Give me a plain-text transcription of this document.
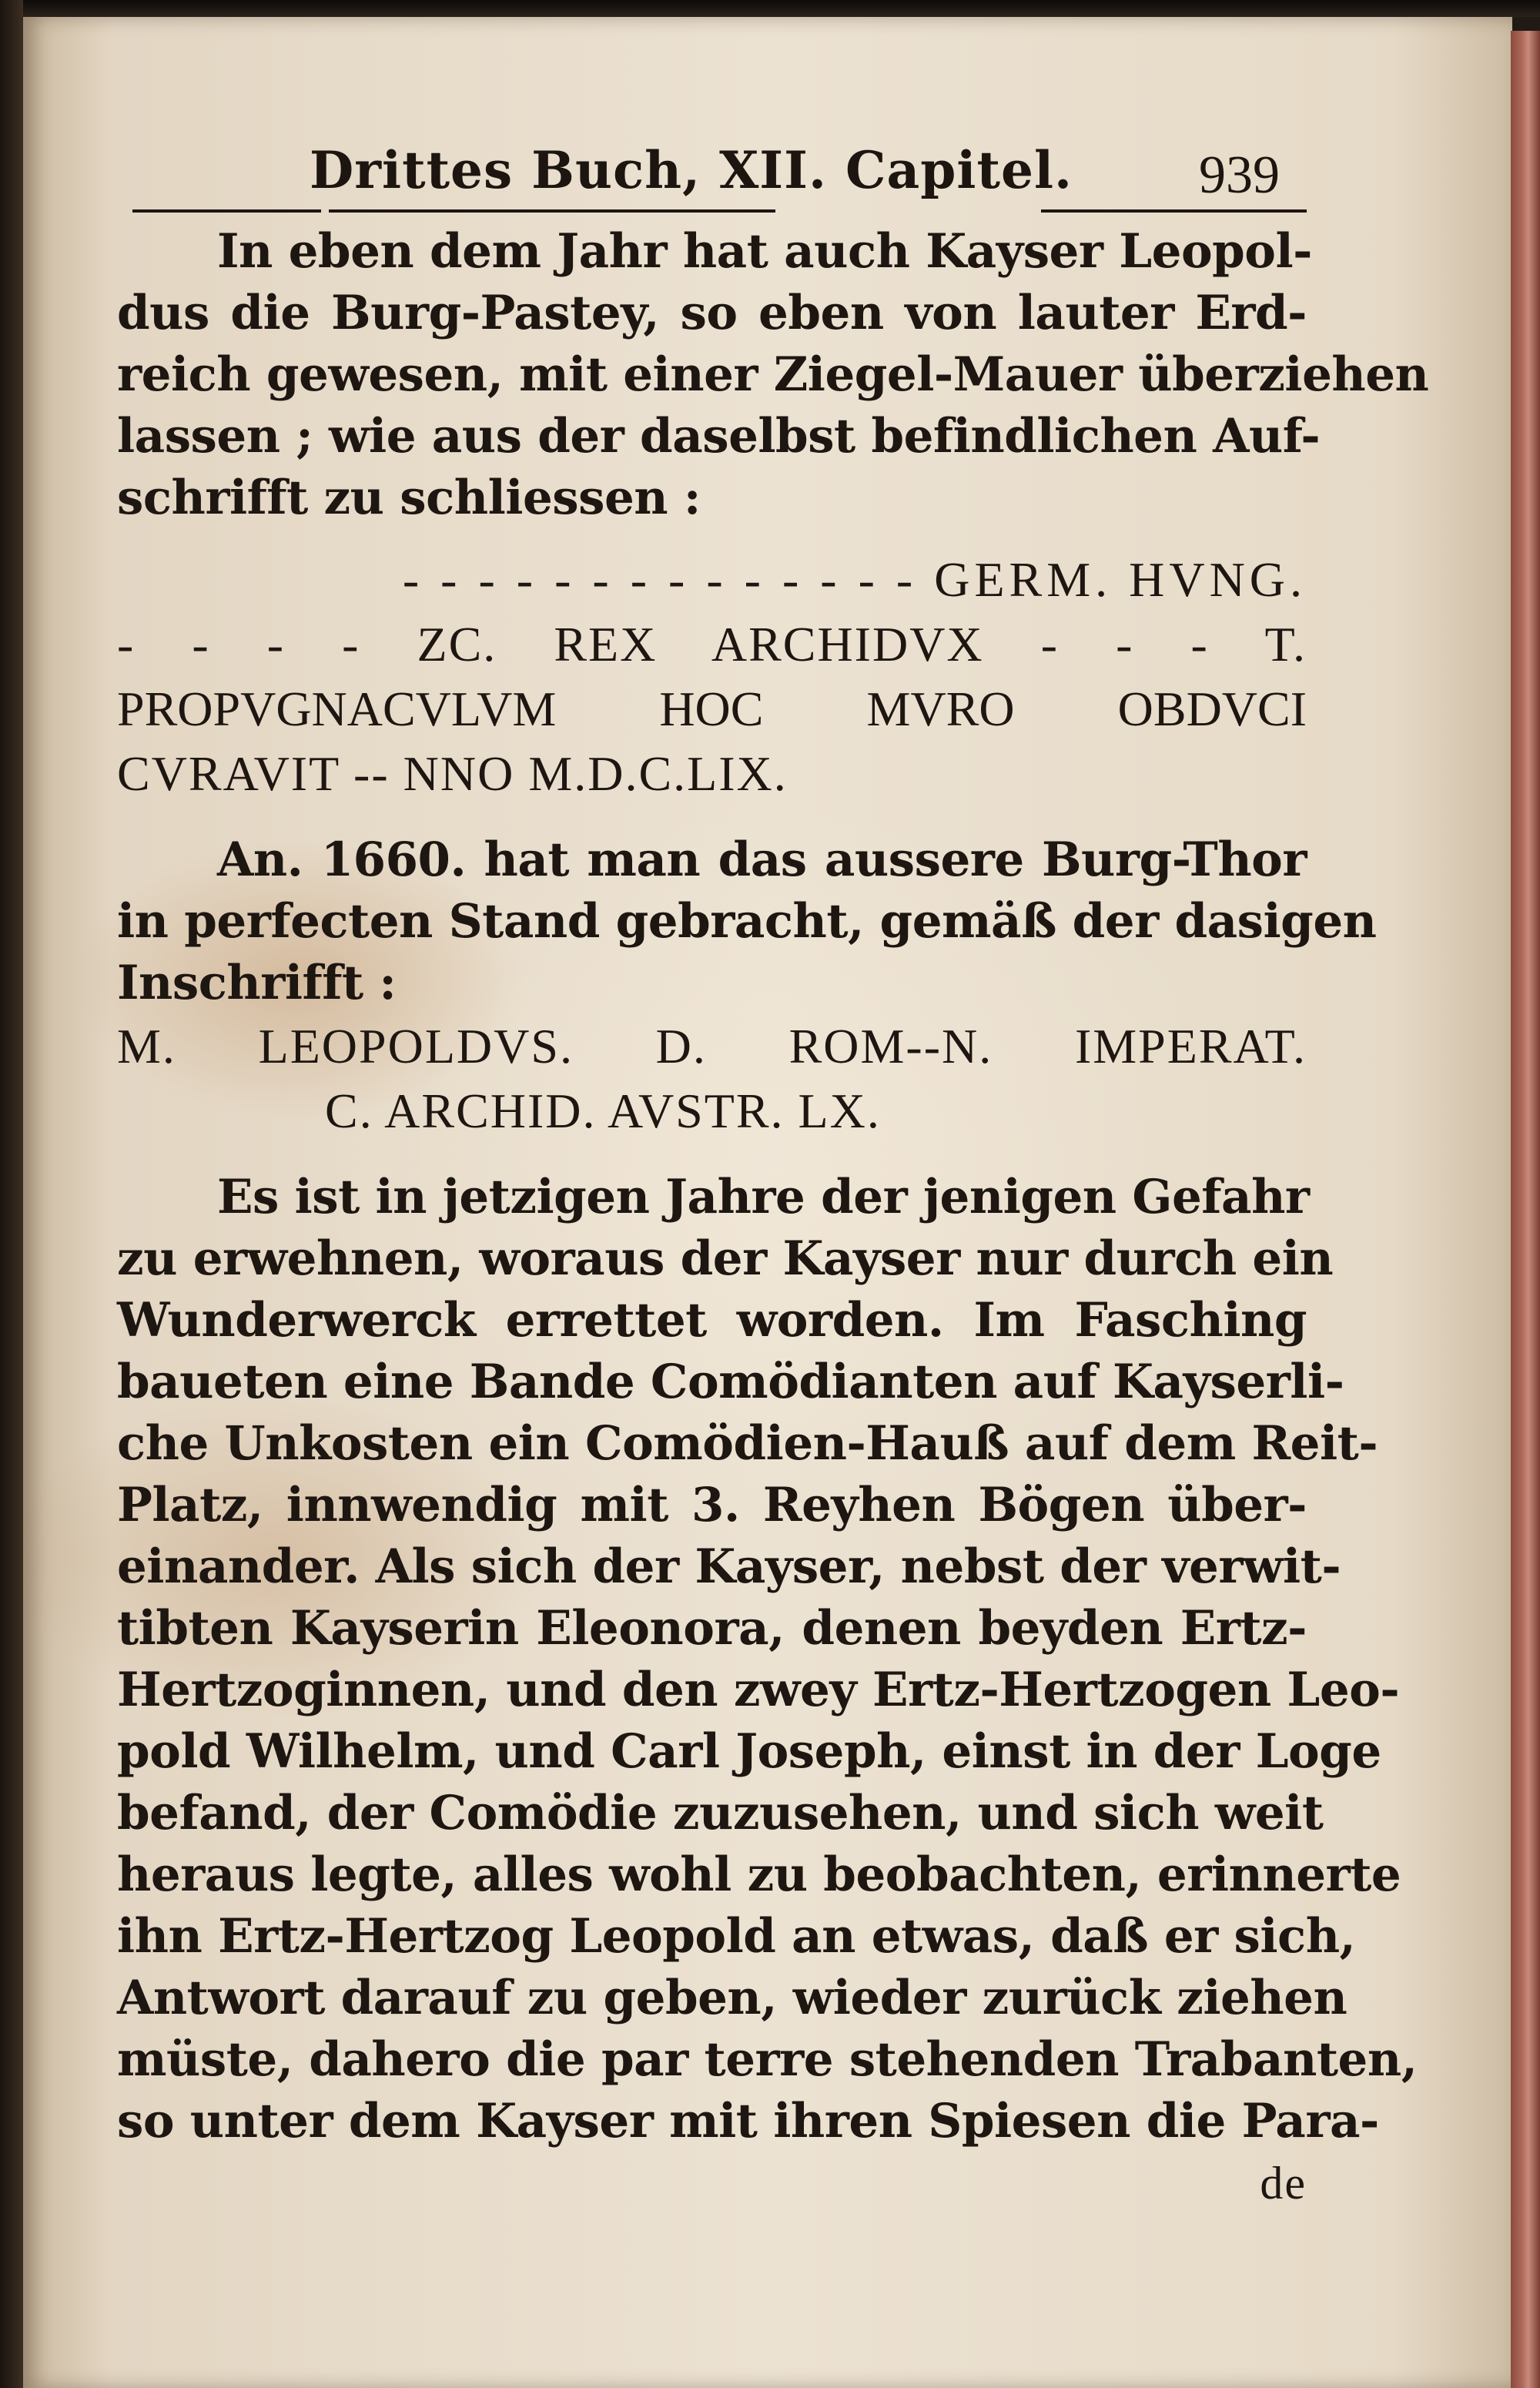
Drittes Buch, XII. Capitel. 939
In eben dem Jahr hat auch Kayser Leopol-
dus die Burg-Pastey, so eben von lauter Erd-
reich gewesen, mit einer Ziegel-Mauer überziehen
lassen ; wie aus der daselbst befindlichen Auf-
schrifft zu schliessen :
- - - - - - - - - - - - - - GERM. HVNG.
- - - - ZC. REX ARCHIDVX - - - T.
PROPVGNACVLVM HOC MVRO OBDVCI
CVRAVIT -- NNO M.D.C.LIX.
An. 1660. hat man das aussere Burg-Thor
in perfecten Stand gebracht, gemäß der dasigen
Inschrifft :
M. LEOPOLDVS. D. ROM--N. IMPERAT.
C. ARCHID. AVSTR. LX.
Es ist in jetzigen Jahre der jenigen Gefahr
zu erwehnen, woraus der Kayser nur durch ein
Wunderwerck errettet worden. Im Fasching
baueten eine Bande Comödianten auf Kayserli-
che Unkosten ein Comödien-Hauß auf dem Reit-
Platz, innwendig mit 3. Reyhen Bögen über-
einander. Als sich der Kayser, nebst der verwit-
tibten Kayserin Eleonora, denen beyden Ertz-
Hertzoginnen, und den zwey Ertz-Hertzogen Leo-
pold Wilhelm, und Carl Joseph, einst in der Loge
befand, der Comödie zuzusehen, und sich weit
heraus legte, alles wohl zu beobachten, erinnerte
ihn Ertz-Hertzog Leopold an etwas, daß er sich,
Antwort darauf zu geben, wieder zurück ziehen
müste, dahero die par terre stehenden Trabanten,
so unter dem Kayser mit ihren Spiesen die Para-
de
